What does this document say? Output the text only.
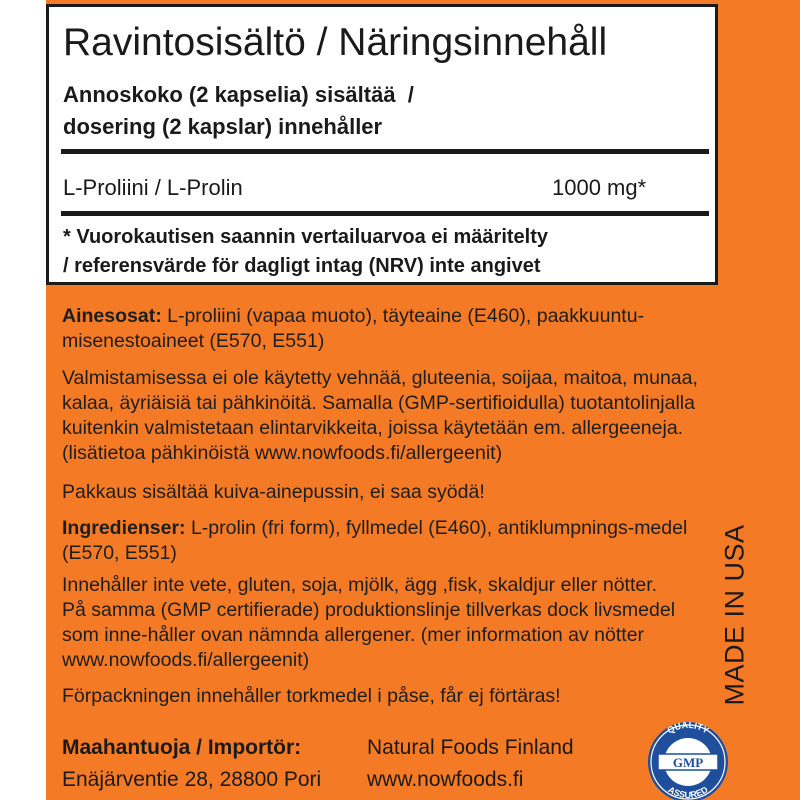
Ravintosisältö / Näringsinnehåll
Annoskoko (2 kapselia) sisältää  /
dosering (2 kapslar) innehåller
L-Proliini / L-Prolin	1000 mg*
* Vuorokautisen saannin vertailuarvoa ei määritelty
/ referensvärde för dagligt intag (NRV) inte angivet
Ainesosat: L-proliini (vapaa muoto), täyteaine (E460), paakkuuntu-misenestoaineet (E570, E551)
Valmistamisessa ei ole käytetty vehnää, gluteenia, soijaa, maitoa, munaa, kalaa, äyriäisiä tai pähkinöitä. Samalla (GMP-sertifioidulla) tuotantolinjalla kuitenkin valmistetaan elintarvikkeita, joissa käytetään em. allergeeneja. (lisätietoa pähkinöistä www.nowfoods.fi/allergeenit)
Pakkaus sisältää kuiva-ainepussin, ei saa syödä!
Ingredienser: L-prolin (fri form), fyllmedel (E460), antiklumpnings-medel (E570, E551)
Innehåller inte vete, gluten, soja, mjölk, ägg ,fisk, skaldjur eller nötter. På samma (GMP certifierade) produktionslinje tillverkas dock livsmedel som inne-håller ovan nämnda allergener. (mer information av nötter www.nowfoods.fi/allergeenit)
Förpackningen innehåller torkmedel i påse, får ej förtäras!	MADE IN USA
Maahantuoja / Importör:
Enäjärventie 28, 28800 Pori
Natural Foods Finland
www.nowfoods.fi
GMP
QUALITY
ASSURED
